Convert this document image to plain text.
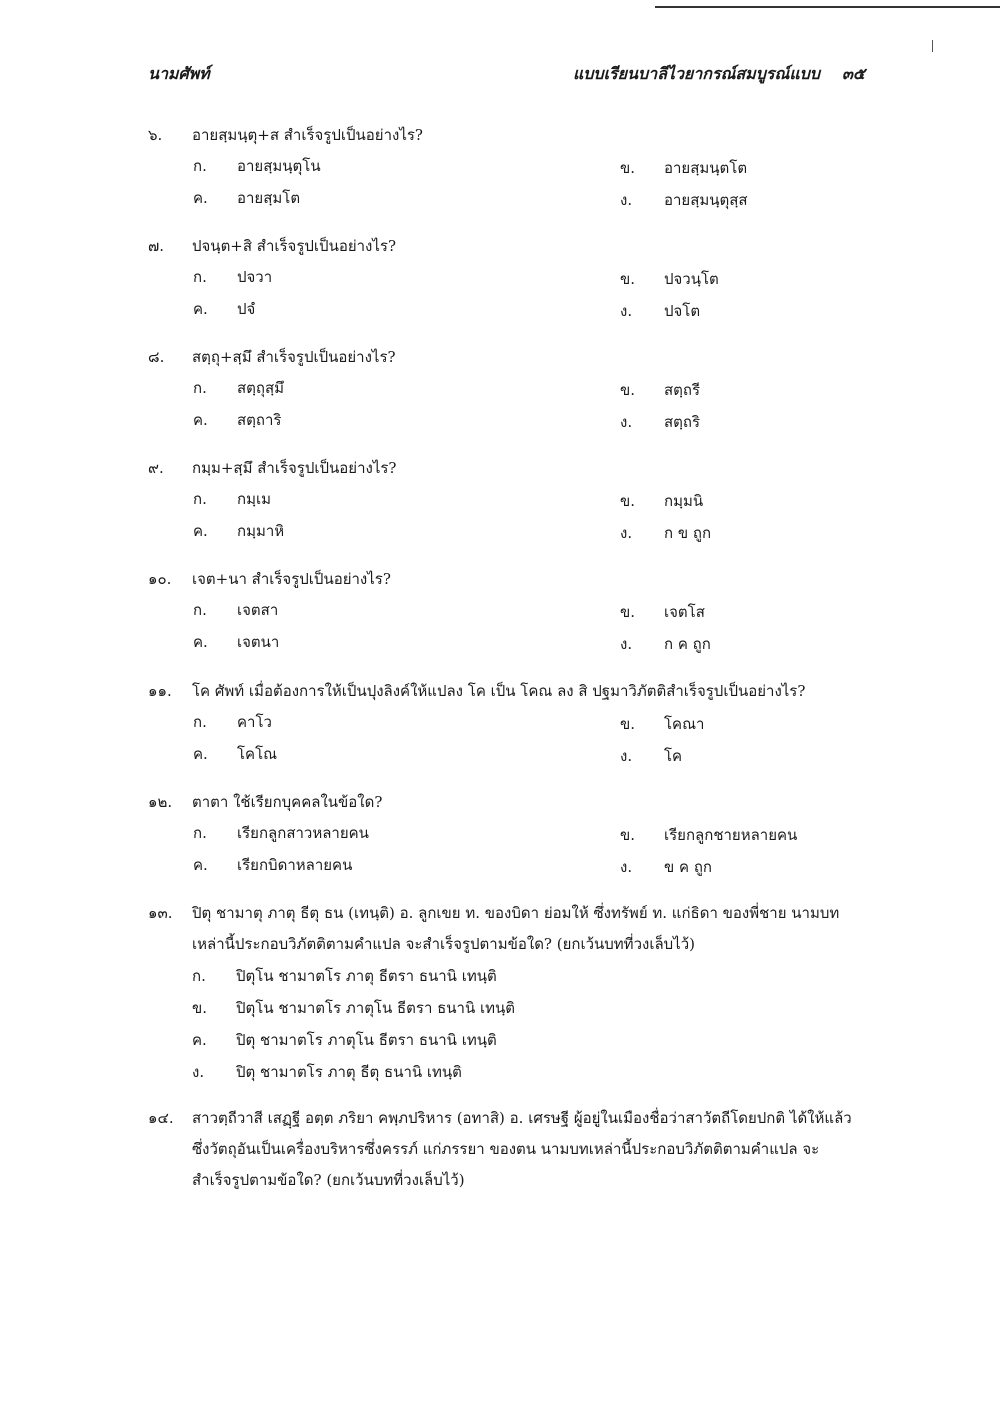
นามศัพท์	แบบเรียนบาลีไวยากรณ์สมบูรณ์แบบ ๓๕
๖. อายสฺมนฺตุ+ส สำเร็จรูปเป็นอย่างไร?
ก. อายสฺมนฺตุโน	ข. อายสฺมนฺตโต
ค. อายสฺมโต	ง. อายสฺมนฺตุสฺส
๗. ปจนฺต+สิ สำเร็จรูปเป็นอย่างไร?
ก. ปจวา	ข. ปจวนฺโต
ค. ปจํ	ง. ปจโต
๘. สตฺถุ+สฺมึ สำเร็จรูปเป็นอย่างไร?
ก. สตฺถุสฺมึ	ข. สตฺถรี
ค. สตฺถาริ	ง. สตฺถริ
๙. กมฺม+สฺมึ สำเร็จรูปเป็นอย่างไร?
ก. กมฺเม	ข. กมฺมนิ
ค. กมฺมาหิ	ง. ก ข ถูก
๑๐. เจต+นา สำเร็จรูปเป็นอย่างไร?
ก. เจตสา	ข. เจตโส
ค. เจตนา	ง. ก ค ถูก
๑๑. โค ศัพท์ เมื่อต้องการให้เป็นปุงลิงค์ให้แปลง โค เป็น โคณ ลง สิ ปฐมาวิภัตติสำเร็จรูปเป็นอย่างไร?
ก. คาโว	ข. โคณา
ค. โคโณ	ง. โค
๑๒. ตาตา ใช้เรียกบุคคลในข้อใด?
ก. เรียกลูกสาวหลายคน	ข. เรียกลูกชายหลายคน
ค. เรียกบิดาหลายคน	ง. ข ค ถูก
๑๓.	ปิตุ ชามาตุ ภาตุ ธีตุ ธน (เทนฺติ) อ. ลูกเขย ท. ของบิดา ย่อมให้ ซึ่งทรัพย์ ท. แก่ธิดา ของพี่ชาย นามบทเหล่านี้ประกอบวิภัตติตามคำแปล จะสำเร็จรูปตามข้อใด? (ยกเว้นบทที่วงเล็บไว้)
ก. ปิตุโน ชามาตโร ภาตุ ธีตรา ธนานิ เทนฺติ
ข. ปิตุโน ชามาตโร ภาตุโน ธีตรา ธนานิ เทนฺติ
ค. ปิตุ ชามาตโร ภาตุโน ธีตรา ธนานิ เทนฺติ
ง. ปิตุ ชามาตโร ภาตุ ธีตุ ธนานิ เทนฺติ
๑๔.	สาวตฺถีวาสี เสฏฺฐี อตฺต ภริยา คพฺภปริหาร (อทาสิ) อ. เศรษฐี ผู้อยู่ในเมืองชื่อว่าสาวัตถีโดยปกติ ได้ให้แล้ว ซึ่งวัตถุอันเป็นเครื่องบริหารซึ่งครรภ์ แก่ภรรยา ของตน นามบทเหล่านี้ประกอบวิภัตติตามคำแปล จะสำเร็จรูปตามข้อใด? (ยกเว้นบทที่วงเล็บไว้)
